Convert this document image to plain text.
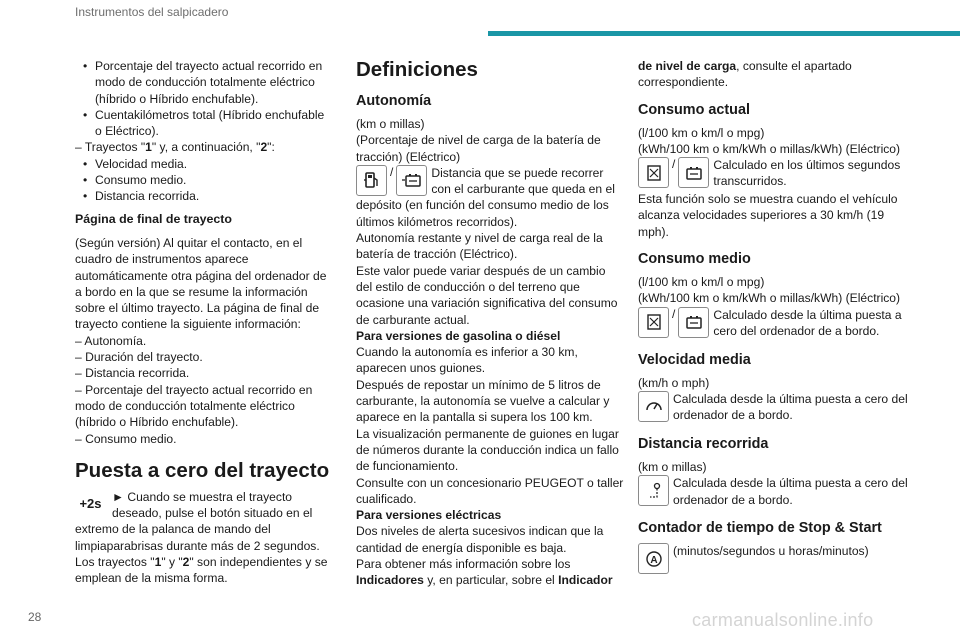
Instrumentos del salpicadero

• Porcentaje del trayecto actual recorrido en modo de conducción totalmente eléctrico (híbrido o Híbrido enchufable).

• Cuentakilómetros total (Híbrido enchufable o Eléctrico).

– Trayectos "1" y, a continuación, "2":

• Velocidad media.

• Consumo medio.

• Distancia recorrida.

Página de final de trayecto

(Según versión) Al quitar el contacto, en el cuadro de instrumentos aparece automáticamente otra página del ordenador de a bordo en la que se resume la información sobre el último trayecto. La página de final de trayecto contiene la siguiente información:

– Autonomía.

– Duración del trayecto.

– Distancia recorrida.

– Porcentaje del trayecto actual recorrido en modo de conducción totalmente eléctrico (híbrido o Híbrido enchufable).

– Consumo medio.

Puesta a cero del trayecto

+2s ► Cuando se muestra el trayecto deseado, pulse el botón situado en el extremo de la palanca de mando del limpiaparabrisas durante más de 2 segundos.

Los trayectos "1" y "2" son independientes y se emplean de la misma forma.

Definiciones

Autonomía

(km o millas)

(Porcentaje de nivel de carga de la batería de tracción) (Eléctrico)

/	Distancia que se puede recorrer con el carburante que queda en el depósito (en función del consumo medio de los últimos kilómetros recorridos).

Autonomía restante y nivel de carga real de la batería de tracción (Eléctrico).

Este valor puede variar después de un cambio del estilo de conducción o del terreno que ocasione una variación significativa del consumo de carburante actual.

Para versiones de gasolina o diésel

Cuando la autonomía es inferior a 30 km, aparecen unos guiones.

Después de repostar un mínimo de 5 litros de carburante, la autonomía se vuelve a calcular y aparece en la pantalla si supera los 100 km.

La visualización permanente de guiones en lugar de números durante la conducción indica un fallo de funcionamiento.

Consulte con un concesionario PEUGEOT o taller cualificado.

Para versiones eléctricas

Dos niveles de alerta sucesivos indican que la cantidad de energía disponible es baja.

Para obtener más información sobre los Indicadores y, en particular, sobre el Indicador

de nivel de carga, consulte el apartado correspondiente.

Consumo actual

(l/100 km o km/l o mpg)

(kWh/100 km o km/kWh o millas/kWh) (Eléctrico)

/	Calculado en los últimos segundos transcurridos.

Esta función solo se muestra cuando el vehículo alcanza velocidades superiores a 30 km/h (19 mph).

Consumo medio

(l/100 km o km/l o mpg)

(kWh/100 km o km/kWh o millas/kWh) (Eléctrico)

/	Calculado desde la última puesta a cero del ordenador de a bordo.

Velocidad media

(km/h o mph)

Calculada desde la última puesta a cero del ordenador de a bordo.

Distancia recorrida

(km o millas)

Calculada desde la última puesta a cero del ordenador de a bordo.

Contador de tiempo de Stop & Start

A

(minutos/segundos u horas/minutos)

28	carmanualsonline.info
